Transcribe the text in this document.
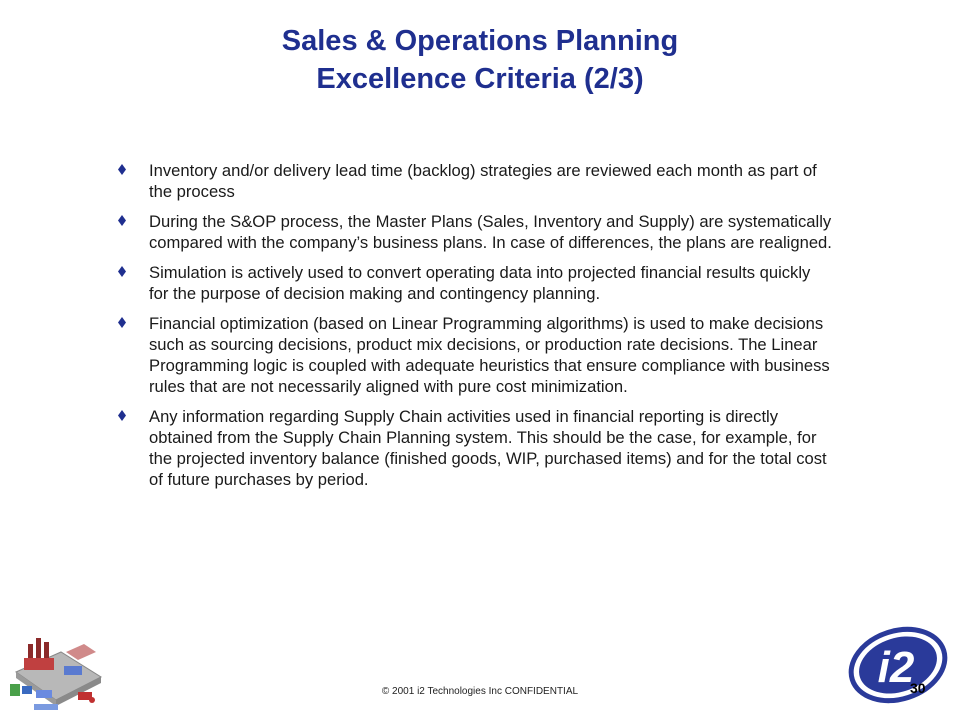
Sales & Operations Planning
Excellence Criteria (2/3)
Inventory and/or delivery lead time (backlog) strategies are reviewed each month as part of the process
During the S&OP process, the Master Plans (Sales, Inventory and Supply) are systematically compared with the company’s business plans. In case of differences, the plans are realigned.
Simulation is actively used to convert operating data into projected financial results quickly for the purpose of decision making and contingency planning.
Financial optimization (based on Linear Programming algorithms) is used to make decisions such as sourcing decisions, product mix decisions, or production rate decisions. The Linear Programming logic is coupled with adequate heuristics that ensure compliance with business rules that are not necessarily aligned with pure cost minimization.
Any information regarding Supply Chain activities used in financial reporting is directly obtained from the Supply Chain Planning system. This should be the case, for example, for the projected inventory balance (finished goods, WIP, purchased items) and for the total cost of future purchases by period.
© 2001 i2 Technologies Inc CONFIDENTIAL	i2
30
